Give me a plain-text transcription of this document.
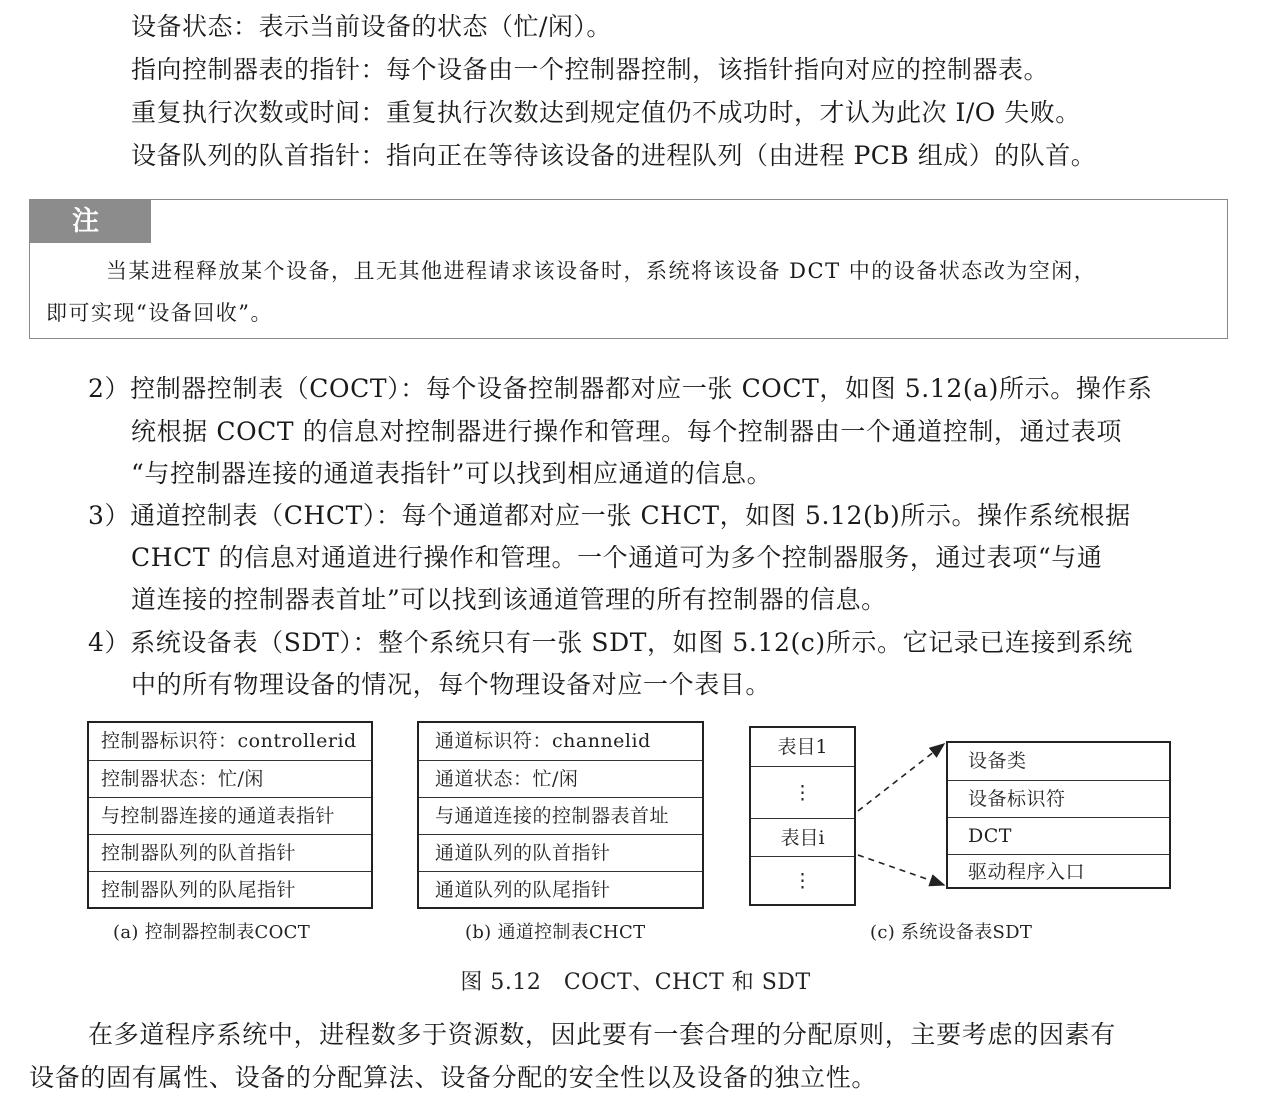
设备状态：表示当前设备的状态（忙/闲）。
指向控制器表的指针：每个设备由一个控制器控制，该指针指向对应的控制器表。
重复执行次数或时间：重复执行次数达到规定值仍不成功时，才认为此次 I/O 失败。
设备队列的队首指针：指向正在等待该设备的进程队列（由进程 PCB 组成）的队首。
注 意
当某进程释放某个设备，且无其他进程请求该设备时，系统将该设备 DCT 中的设备状态改为空闲，
即可实现“设备回收”。
2）控制器控制表（COCT）：每个设备控制器都对应一张 COCT，如图 5.12(a)所示。操作系
统根据 COCT 的信息对控制器进行操作和管理。每个控制器由一个通道控制，通过表项
“与控制器连接的通道表指针”可以找到相应通道的信息。
3）通道控制表（CHCT）：每个通道都对应一张 CHCT，如图 5.12(b)所示。操作系统根据
CHCT 的信息对通道进行操作和管理。一个通道可为多个控制器服务，通过表项“与通
道连接的控制器表首址”可以找到该通道管理的所有控制器的信息。
4）系统设备表（SDT）：整个系统只有一张 SDT，如图 5.12(c)所示。它记录已连接到系统
中的所有物理设备的情况，每个物理设备对应一个表目。
控制器标识符：controllerid
控制器状态：忙/闲
与控制器连接的通道表指针
控制器队列的队首指针
控制器队列的队尾指针
(a) 控制器控制表COCT
通道标识符：channelid
通道状态：忙/闲
与通道连接的控制器表首址
通道队列的队首指针
通道队列的队尾指针
(b) 通道控制表CHCT
表目1
⋮
表目i
⋮
设备类
设备标识符
DCT
驱动程序入口
(c) 系统设备表SDT
图 5.12　COCT、CHCT 和 SDT
在多道程序系统中，进程数多于资源数，因此要有一套合理的分配原则，主要考虑的因素有
设备的固有属性、设备的分配算法、设备分配的安全性以及设备的独立性。
